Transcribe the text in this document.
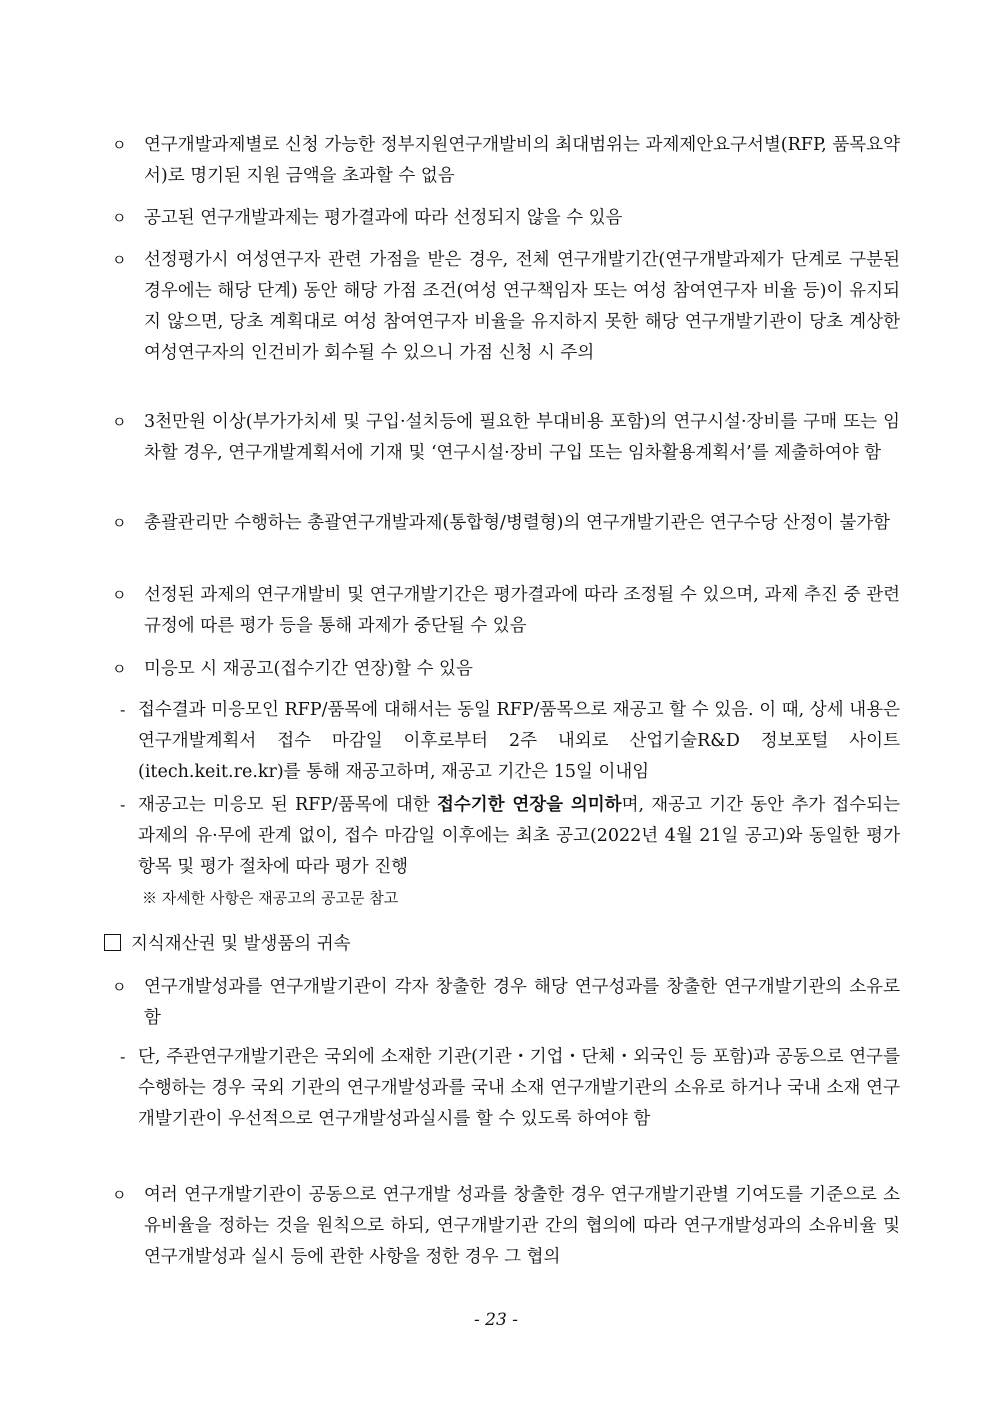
ㅇ	연구개발과제별로 신청 가능한 정부지원연구개발비의 최대범위는 과제제안요구서별(RFP, 품목요약서)로 명기된 지원 금액을 초과할 수 없음
ㅇ	공고된 연구개발과제는 평가결과에 따라 선정되지 않을 수 있음
ㅇ	선정평가시 여성연구자 관련 가점을 받은 경우, 전체 연구개발기간(연구개발과제가 단계로 구분된 경우에는 해당 단계) 동안 해당 가점 조건(여성 연구책임자 또는 여성 참여연구자 비율 등)이 유지되지 않으면, 당초 계획대로 여성 참여연구자 비율을 유지하지 못한 해당 연구개발기관이 당초 계상한 여성연구자의 인건비가 회수될 수 있으니 가점 신청 시 주의
ㅇ	3천만원 이상(부가가치세 및 구입·설치등에 필요한 부대비용 포함)의 연구시설·장비를 구매 또는 임차할 경우, 연구개발계획서에 기재 및 ‘연구시설·장비 구입 또는 임차활용계획서’를 제출하여야 함
ㅇ	총괄관리만 수행하는 총괄연구개발과제(통합형/병렬형)의 연구개발기관은 연구수당 산정이 불가함
ㅇ	선정된 과제의 연구개발비 및 연구개발기간은 평가결과에 따라 조정될 수 있으며, 과제 추진 중 관련 규정에 따른 평가 등을 통해 과제가 중단될 수 있음
ㅇ	미응모 시 재공고(접수기간 연장)할 수 있음
- 접수결과 미응모인 RFP/품목에 대해서는 동일 RFP/품목으로 재공고 할 수 있음. 이 때, 상세 내용은 연구개발계획서 접수 마감일 이후로부터 2주 내외로 산업기술R&D 정보포털 사이트(itech.keit.re.kr)를 통해 재공고하며, 재공고 기간은 15일 이내임
- 재공고는 미응모 된 RFP/품목에 대한 접수기한 연장을 의미하며, 재공고 기간 동안 추가 접수되는 과제의 유·무에 관계 없이, 접수 마감일 이후에는 최초 공고(2022년 4월 21일 공고)와 동일한 평가 항목 및 평가 절차에 따라 평가 진행
※ 자세한 사항은 재공고의 공고문 참고
지식재산권 및 발생품의 귀속
ㅇ	연구개발성과를 연구개발기관이 각자 창출한 경우 해당 연구성과를 창출한 연구개발기관의 소유로 함
- 단, 주관연구개발기관은 국외에 소재한 기관(기관・기업・단체・외국인 등 포함)과 공동으로 연구를 수행하는 경우 국외 기관의 연구개발성과를 국내 소재 연구개발기관의 소유로 하거나 국내 소재 연구개발기관이 우선적으로 연구개발성과실시를 할 수 있도록 하여야 함
ㅇ	여러 연구개발기관이 공동으로 연구개발 성과를 창출한 경우 연구개발기관별 기여도를 기준으로 소유비율을 정하는 것을 원칙으로 하되, 연구개발기관 간의 협의에 따라 연구개발성과의 소유비율 및 연구개발성과 실시 등에 관한 사항을 정한 경우 그 협의
- 23 -
